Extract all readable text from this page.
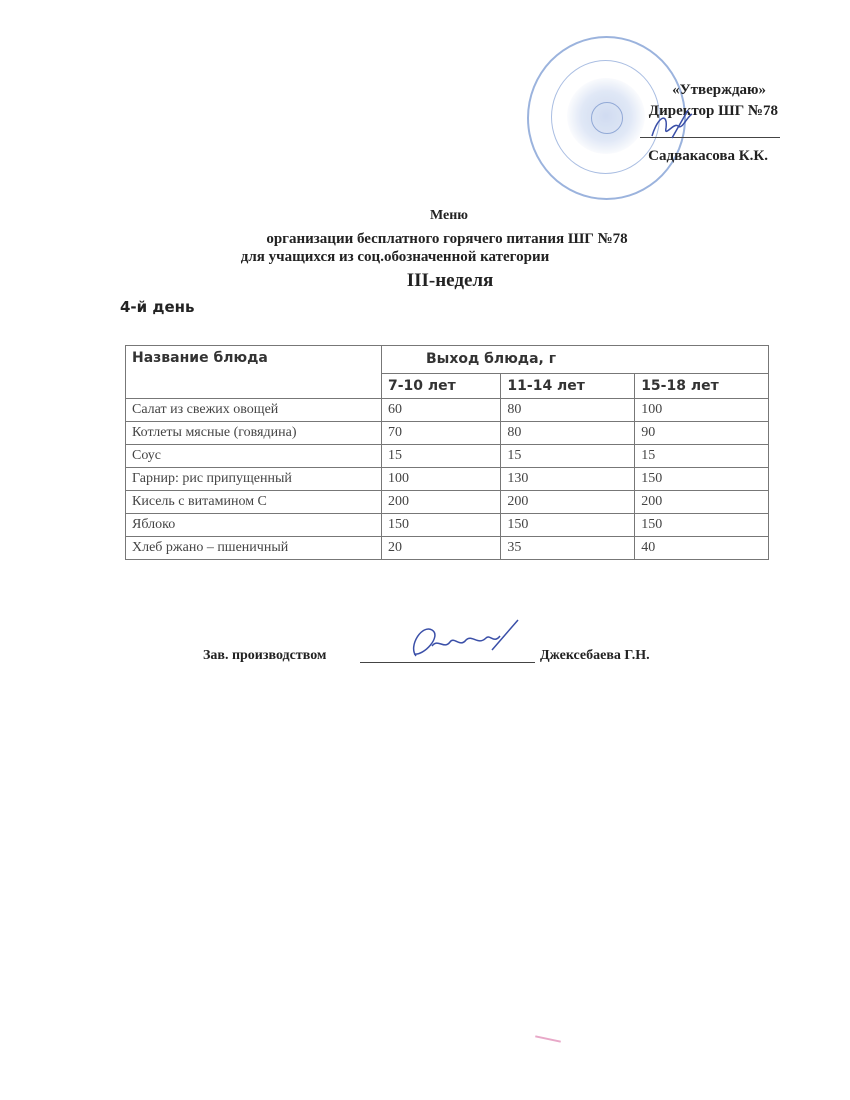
«Утверждаю»
Директор ШГ №78
Садвакасова К.К.
Меню
организации бесплатного горячего питания ШГ №78
для учащихся из соц.обозначенной категории
III-неделя
4-й день
Название блюда	Выход блюда, г		
	7-10 лет	11-14 лет	15-18 лет
Салат из свежих овощей	60	80	100
Котлеты мясные (говядина)	70	80	90
Соус	15	15	15
Гарнир: рис припущенный	100	130	150
Кисель с витамином С	200	200	200
Яблоко	150	150	150
Хлеб ржано – пшеничный	20	35	40
Зав. производством	Джексебаева Г.Н.
